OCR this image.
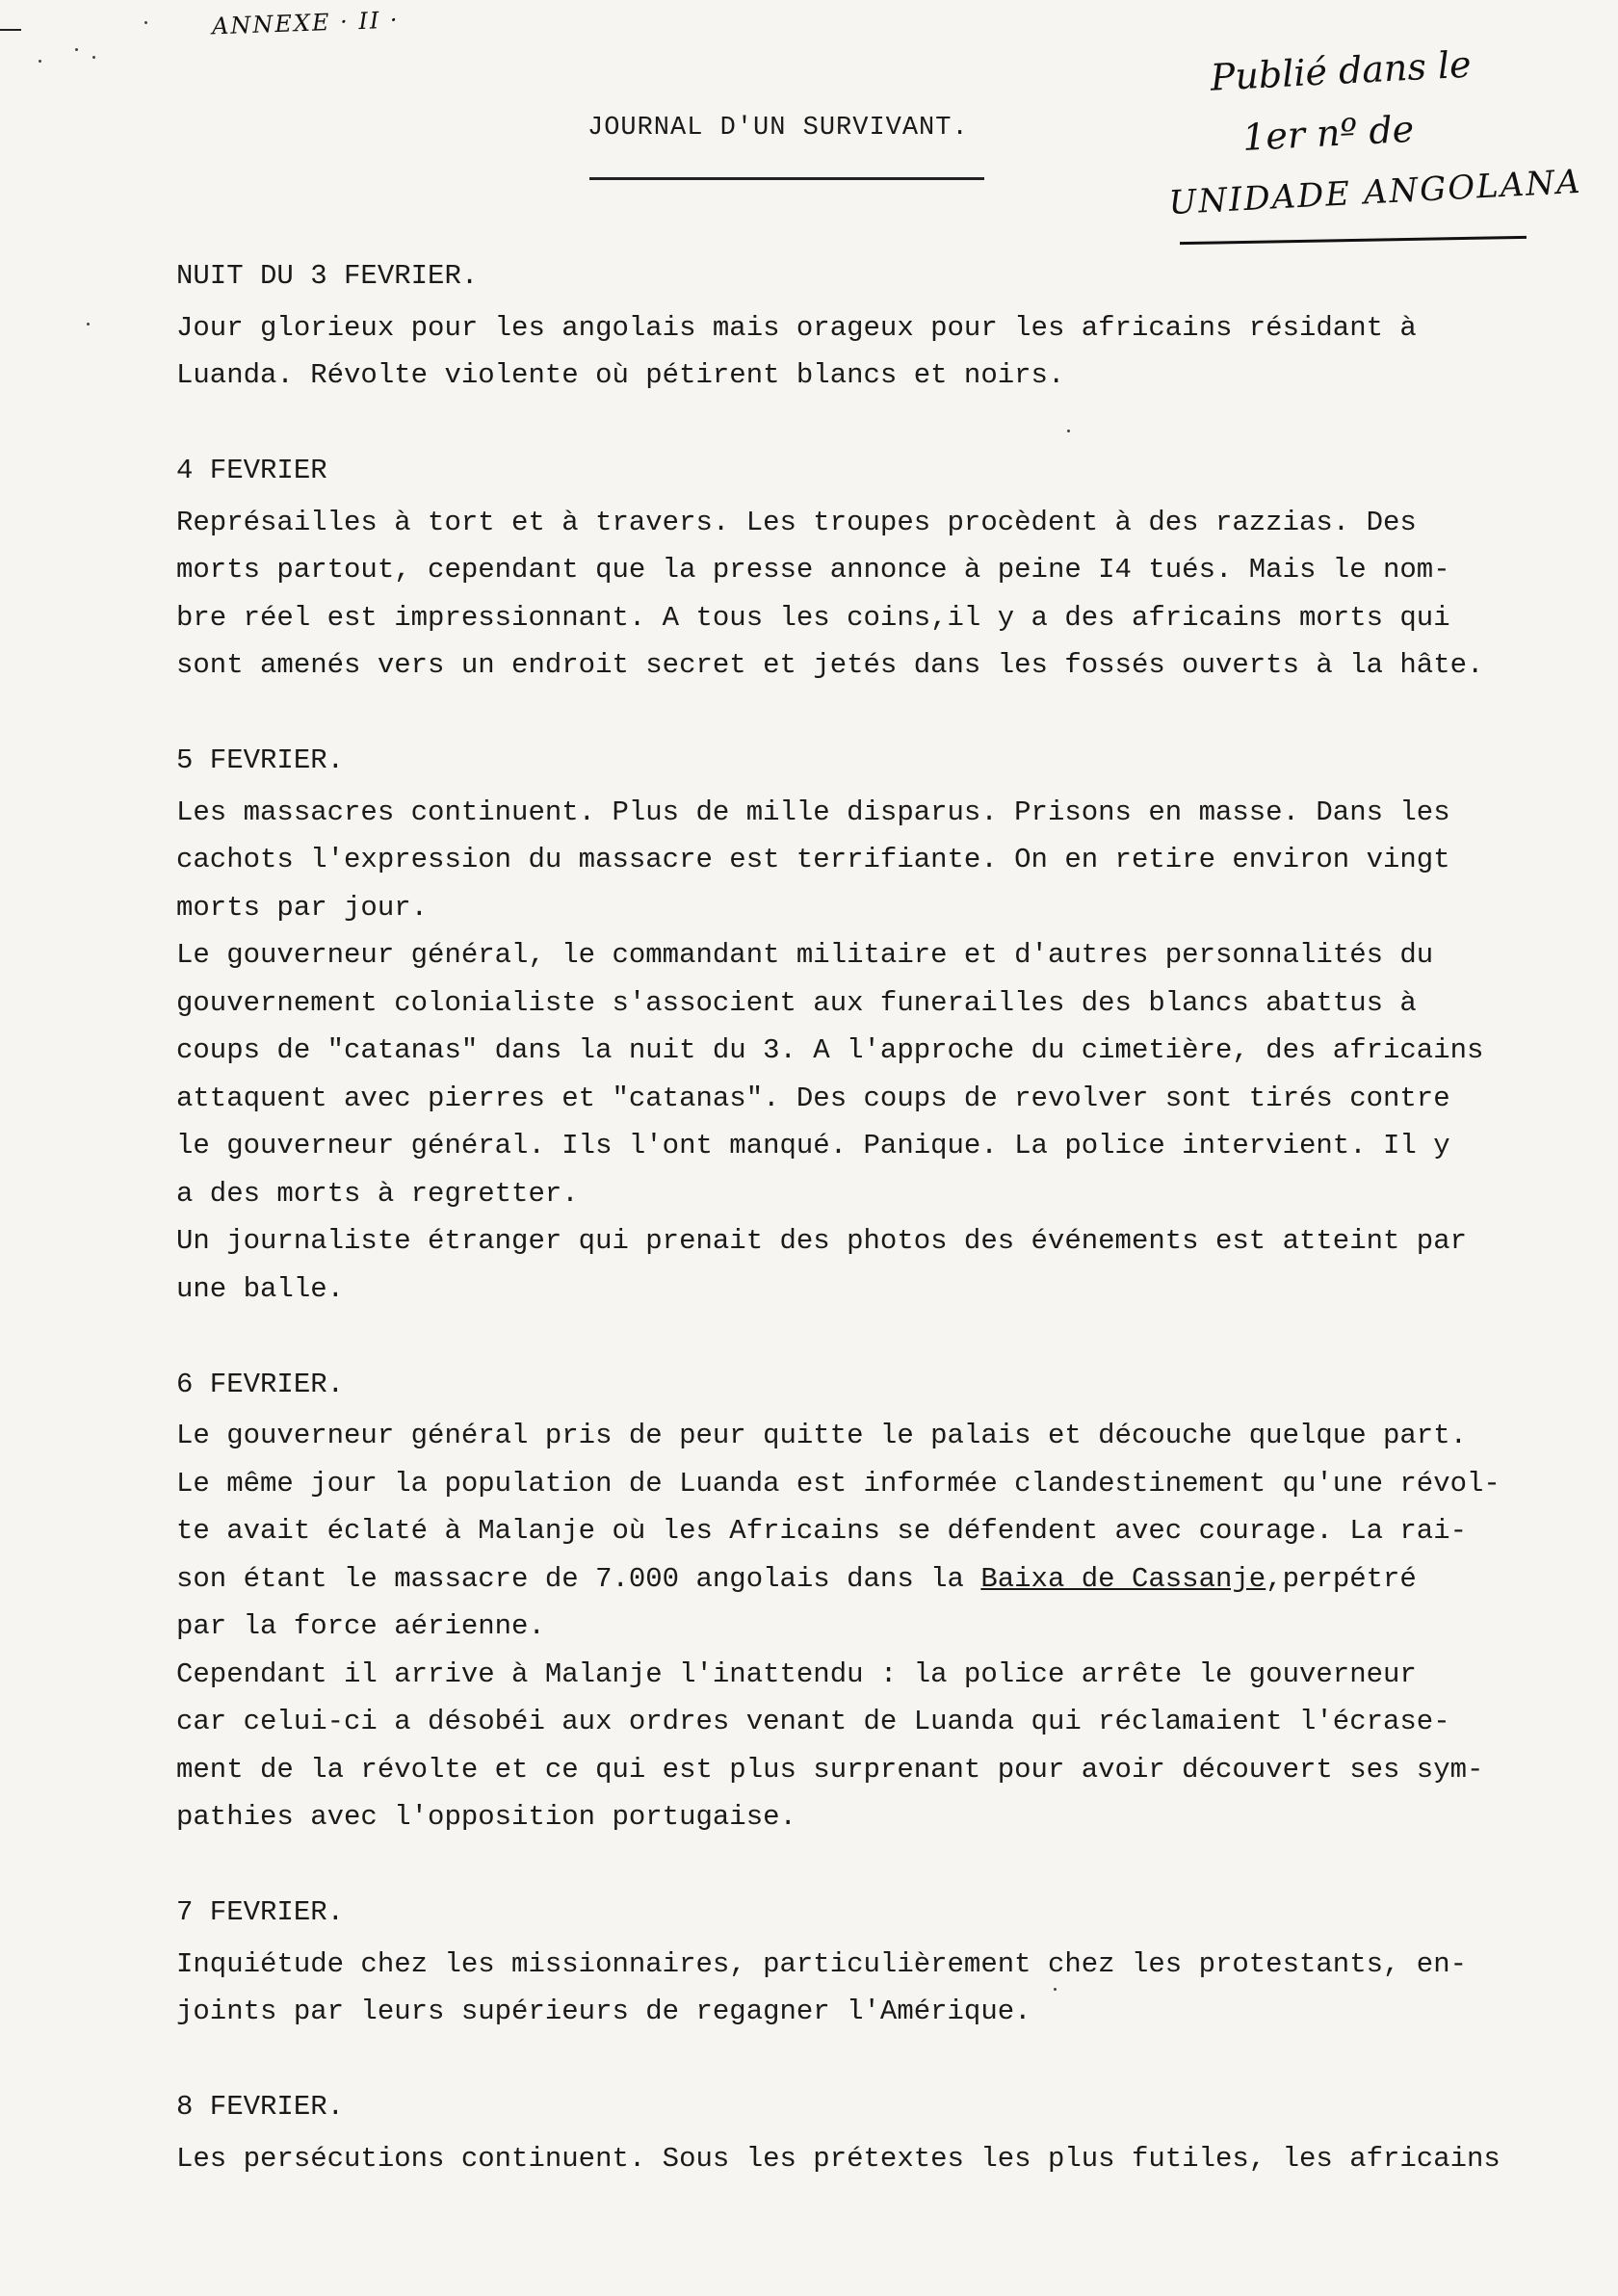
ANNEXE · II ·
Publié dans le
1er nº de
UNIDADE ANGOLANA
JOURNAL D'UN SURVIVANT.
NUIT DU 3 FEVRIER.

Jour glorieux pour les angolais mais orageux pour les africains résidant à
Luanda. Révolte violente où pétirent blancs et noirs.

4 FEVRIER

Représailles à tort et à travers. Les troupes procèdent à des razzias. Des
morts partout, cependant que la presse annonce à peine I4 tués. Mais le nom-
bre réel est impressionnant. A tous les coins,il y a des africains morts qui
sont amenés vers un endroit secret et jetés dans les fossés ouverts à la hâte.

5 FEVRIER.

Les massacres continuent. Plus de mille disparus. Prisons en masse. Dans les
cachots l'expression du massacre est terrifiante. On en retire environ vingt
morts par jour.
Le gouverneur général, le commandant militaire et d'autres personnalités du
gouvernement colonialiste s'associent aux funerailles des blancs abattus à
coups de "catanas" dans la nuit du 3. A l'approche du cimetière, des africains
attaquent avec pierres et "catanas". Des coups de revolver sont tirés contre
le gouverneur général. Ils l'ont manqué. Panique. La police intervient. Il y
a des morts à regretter.
Un journaliste étranger qui prenait des photos des événements est atteint par
une balle.

6 FEVRIER.

Le gouverneur général pris de peur quitte le palais et découche quelque part.
Le même jour la population de Luanda est informée clandestinement qu'une révol-
te avait éclaté à Malanje où les Africains se défendent avec courage. La rai-
son étant le massacre de 7.000 angolais dans la Baixa de Cassanje,perpétré
par la force aérienne.
Cependant il arrive à Malanje l'inattendu : la police arrête le gouverneur
car celui-ci a désobéi aux ordres venant de Luanda qui réclamaient l'écrase-
ment de la révolte et ce qui est plus surprenant pour avoir découvert ses sym-
pathies avec l'opposition portugaise.

7 FEVRIER.

Inquiétude chez les missionnaires, particulièrement chez les protestants, en-
joints par leurs supérieurs de regagner l'Amérique.

8 FEVRIER.

Les persécutions continuent. Sous les prétextes les plus futiles, les africains
